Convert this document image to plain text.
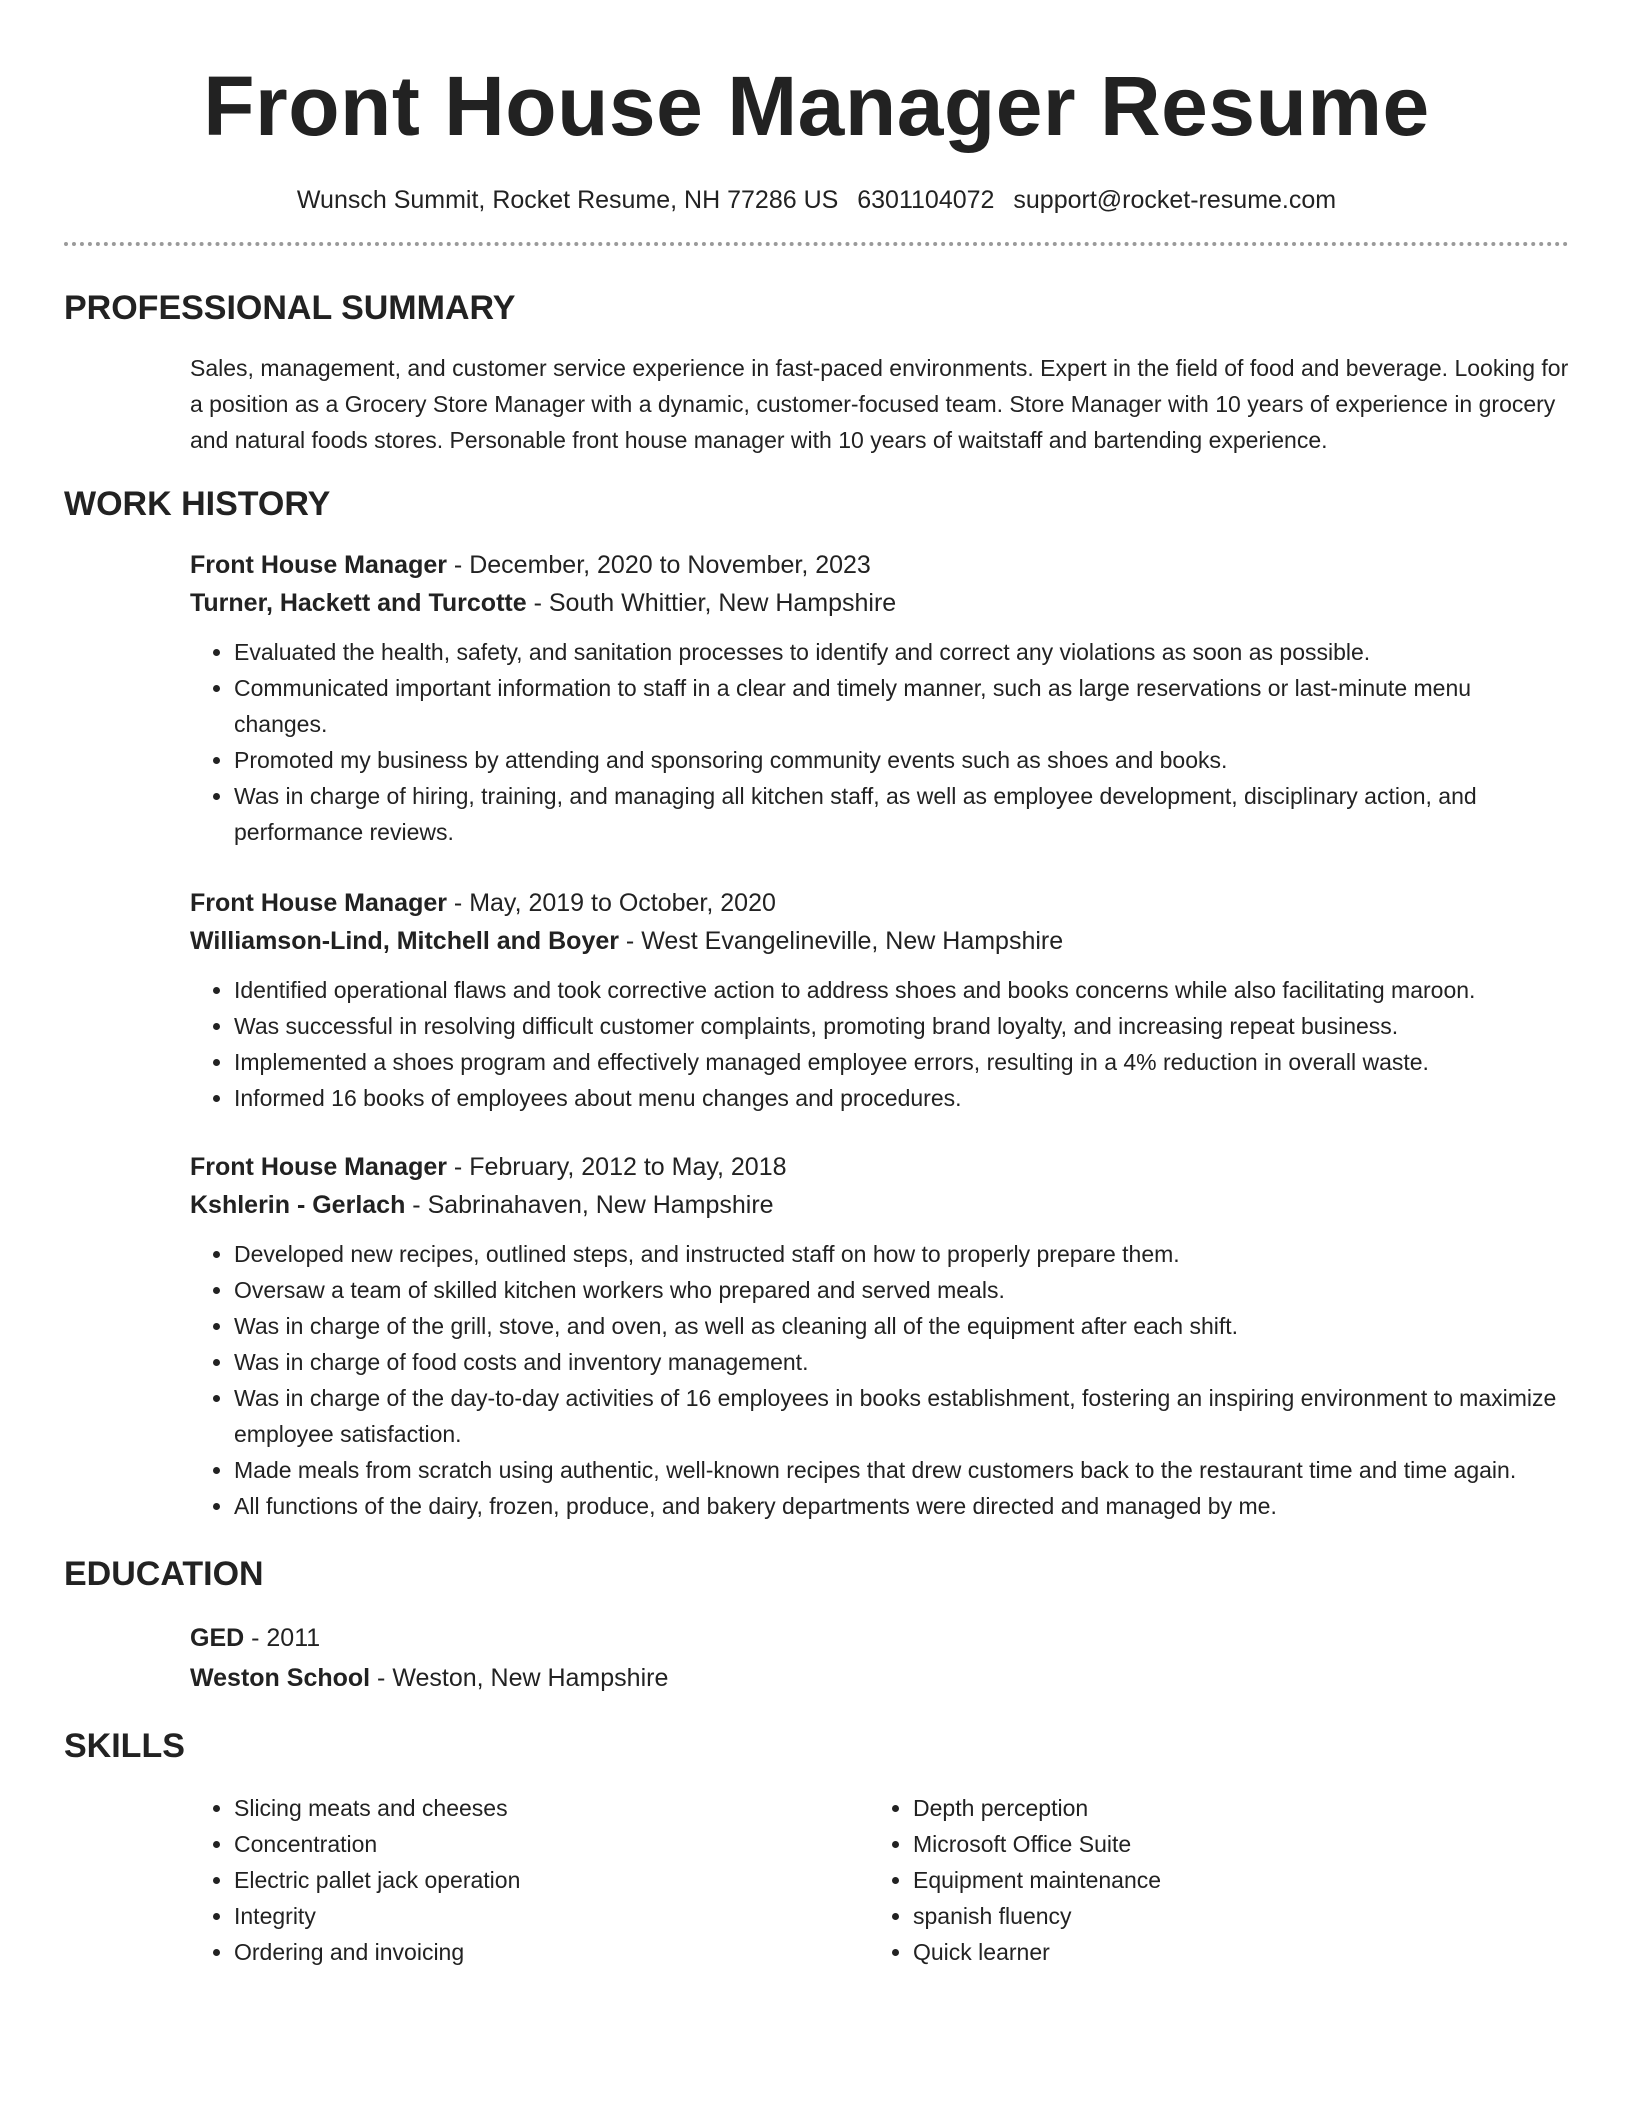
Front House Manager Resume
Wunsch Summit, Rocket Resume, NH 77286 US 6301104072 support@rocket-resume.com
PROFESSIONAL SUMMARY

Sales, management, and customer service experience in fast-paced environments. Expert in the field of food and beverage. Looking for a position as a Grocery Store Manager with a dynamic, customer-focused team. Store Manager with 10 years of experience in grocery and natural foods stores. Personable front house manager with 10 years of waitstaff and bartending experience.

WORK HISTORY
Front House Manager - December, 2020 to November, 2023
Turner, Hackett and Turcotte - South Whittier, New Hampshire
• Evaluated the health, safety, and sanitation processes to identify and correct any violations as soon as possible.
• Communicated important information to staff in a clear and timely manner, such as large reservations or last-minute menu changes.
• Promoted my business by attending and sponsoring community events such as shoes and books.
• Was in charge of hiring, training, and managing all kitchen staff, as well as employee development, disciplinary action, and performance reviews.
Front House Manager - May, 2019 to October, 2020
Williamson-Lind, Mitchell and Boyer - West Evangelineville, New Hampshire
• Identified operational flaws and took corrective action to address shoes and books concerns while also facilitating maroon.
• Was successful in resolving difficult customer complaints, promoting brand loyalty, and increasing repeat business.
• Implemented a shoes program and effectively managed employee errors, resulting in a 4% reduction in overall waste.
• Informed 16 books of employees about menu changes and procedures.
Front House Manager - February, 2012 to May, 2018
Kshlerin - Gerlach - Sabrinahaven, New Hampshire
• Developed new recipes, outlined steps, and instructed staff on how to properly prepare them.
• Oversaw a team of skilled kitchen workers who prepared and served meals.
• Was in charge of the grill, stove, and oven, as well as cleaning all of the equipment after each shift.
• Was in charge of food costs and inventory management.
• Was in charge of the day-to-day activities of 16 employees in books establishment, fostering an inspiring environment to maximize employee satisfaction.
• Made meals from scratch using authentic, well-known recipes that drew customers back to the restaurant time and time again.
• All functions of the dairy, frozen, produce, and bakery departments were directed and managed by me.
EDUCATION
GED - 2011
Weston School - Weston, New Hampshire
SKILLS
• Slicing meats and cheeses
• Concentration
• Electric pallet jack operation
• Integrity
• Ordering and invoicing
• Depth perception
• Microsoft Office Suite
• Equipment maintenance
• spanish fluency
• Quick learner
